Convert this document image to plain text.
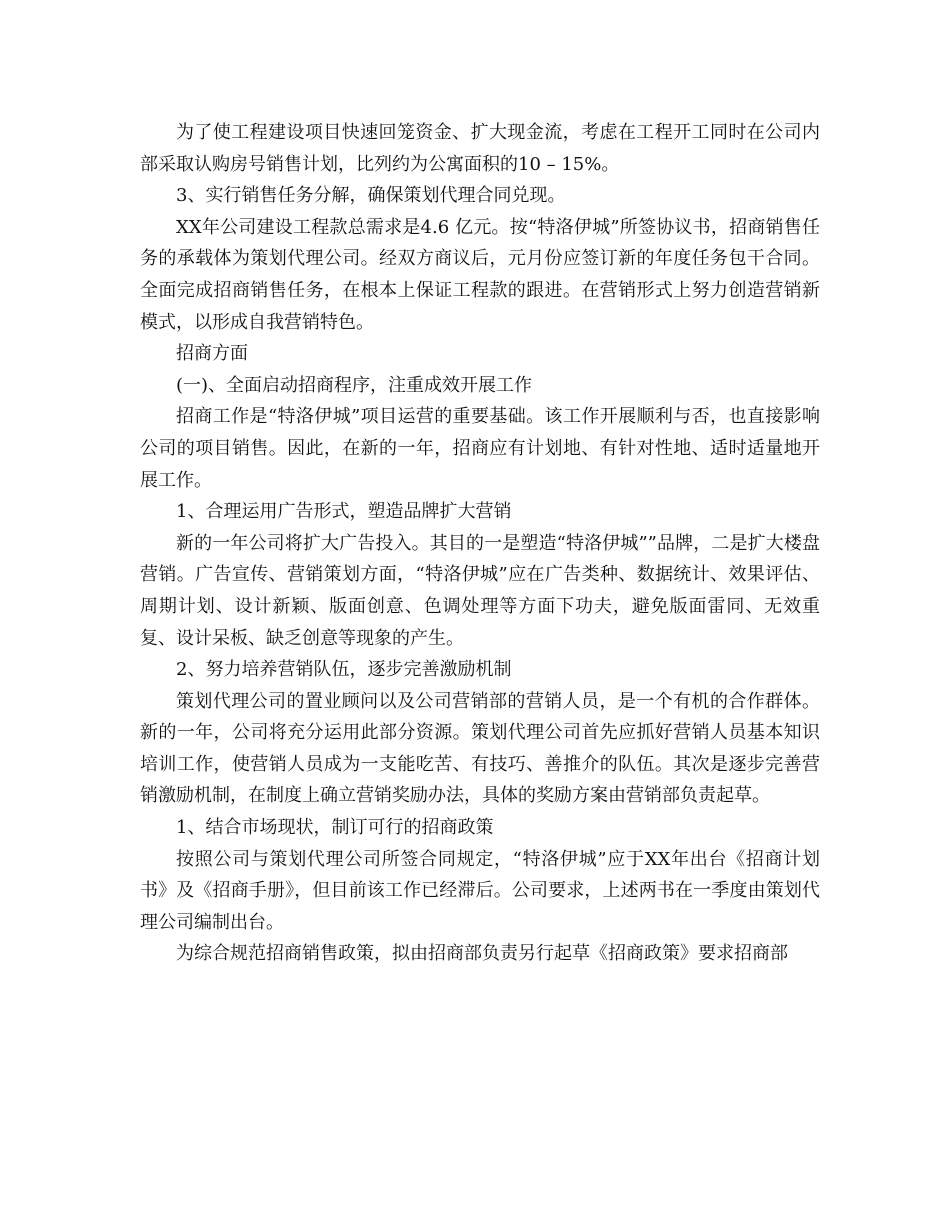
为了使工程建设项目快速回笼资金、扩大现金流，考虑在工程开工同时在公司内部采取认购房号销售计划，比列约为公寓面积的10 – 15%。

3、实行销售任务分解，确保策划代理合同兑现。

XX年公司建设工程款总需求是4.6 亿元。按“特洛伊城”所签协议书，招商销售任务的承载体为策划代理公司。经双方商议后，元月份应签订新的年度任务包干合同。全面完成招商销售任务，在根本上保证工程款的跟进。在营销形式上努力创造营销新模式，以形成自我营销特色。

招商方面

(一)、全面启动招商程序，注重成效开展工作

招商工作是“特洛伊城”项目运营的重要基础。该工作开展顺利与否，也直接影响公司的项目销售。因此，在新的一年，招商应有计划地、有针对性地、适时适量地开展工作。

1、合理运用广告形式，塑造品牌扩大营销

新的一年公司将扩大广告投入。其目的一是塑造“特洛伊城””品牌，二是扩大楼盘营销。广告宣传、营销策划方面，“特洛伊城”应在广告类种、数据统计、效果评估、周期计划、设计新颖、版面创意、色调处理等方面下功夫，避免版面雷同、无效重复、设计呆板、缺乏创意等现象的产生。

2、努力培养营销队伍，逐步完善激励机制

策划代理公司的置业顾问以及公司营销部的营销人员，是一个有机的合作群体。新的一年，公司将充分运用此部分资源。策划代理公司首先应抓好营销人员基本知识培训工作，使营销人员成为一支能吃苦、有技巧、善推介的队伍。其次是逐步完善营销激励机制，在制度上确立营销奖励办法，具体的奖励方案由营销部负责起草。

1、结合市场现状，制订可行的招商政策

按照公司与策划代理公司所签合同规定，“特洛伊城”应于XX年出台《招商计划书》及《招商手册》，但目前该工作已经滞后。公司要求，上述两书在一季度由策划代理公司编制出台。

为综合规范招商销售政策，拟由招商部负责另行起草《招商政策》要求招商部
